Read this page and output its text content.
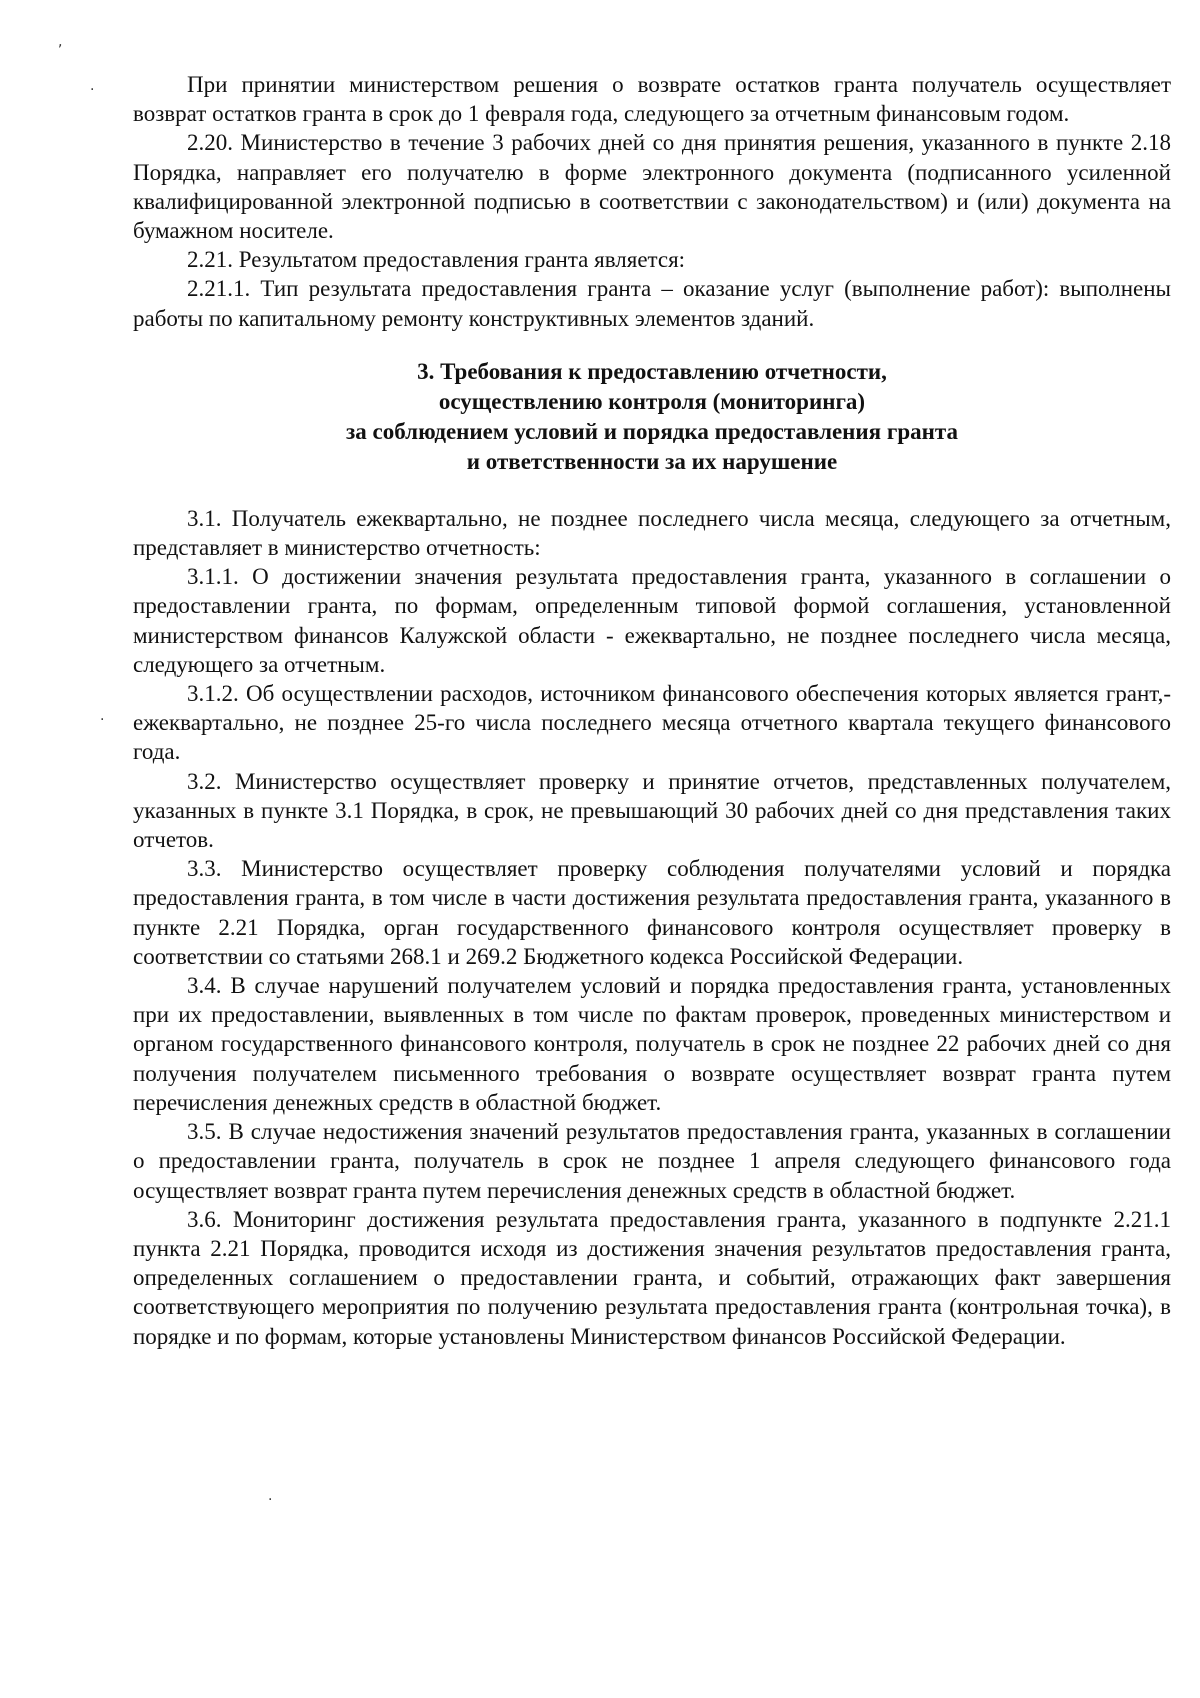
,
·
·
·

При принятии министерством решения о возврате остатков гранта получатель осуществляет возврат остатков гранта в срок до 1 февраля года, следующего за отчетным финансовым годом.

2.20. Министерство в течение 3 рабочих дней со дня принятия решения, указанного в пункте 2.18 Порядка, направляет его получателю в форме электронного документа (подписанного усиленной квалифицированной электронной подписью в соответствии с законодательством) и (или) документа на бумажном носителе.

2.21. Результатом предоставления гранта является:

2.21.1. Тип результата предоставления гранта – оказание услуг (выполнение работ): выполнены работы по капитальному ремонту конструктивных элементов зданий.

3. Требования к предоставлению отчетности,
осуществлению контроля (мониторинга)
за соблюдением условий и порядка предоставления гранта
и ответственности за их нарушение

3.1. Получатель ежеквартально, не позднее последнего числа месяца, следующего за отчетным, представляет в министерство отчетность:

3.1.1. О достижении значения результата предоставления гранта, указанного в соглашении о предоставлении гранта, по формам, определенным типовой формой соглашения, установленной министерством финансов Калужской области - ежеквартально, не позднее последнего числа месяца, следующего за отчетным.

3.1.2. Об осуществлении расходов, источником финансового обеспечения которых является грант,- ежеквартально, не позднее 25-го числа последнего месяца отчетного квартала текущего финансового года.

3.2. Министерство осуществляет проверку и принятие отчетов, представленных получателем, указанных в пункте 3.1 Порядка, в срок, не превышающий 30 рабочих дней со дня представления таких отчетов.

3.3. Министерство осуществляет проверку соблюдения получателями условий и порядка предоставления гранта, в том числе в части достижения результата предоставления гранта, указанного в пункте 2.21 Порядка, орган государственного финансового контроля осуществляет проверку в соответствии со статьями 268.1 и 269.2 Бюджетного кодекса Российской Федерации.

3.4. В случае нарушений получателем условий и порядка предоставления гранта, установленных при их предоставлении, выявленных в том числе по фактам проверок, проведенных министерством и органом государственного финансового контроля, получатель в срок не позднее 22 рабочих дней со дня получения получателем письменного требования о возврате осуществляет возврат гранта путем перечисления денежных средств в областной бюджет.

3.5. В случае недостижения значений результатов предоставления гранта, указанных в соглашении о предоставлении гранта, получатель в срок не позднее 1 апреля следующего финансового года осуществляет возврат гранта путем перечисления денежных средств в областной бюджет.

3.6. Мониторинг достижения результата предоставления гранта, указанного в подпункте 2.21.1 пункта 2.21 Порядка, проводится исходя из достижения значения результатов предоставления гранта, определенных соглашением о предоставлении гранта, и событий, отражающих факт завершения соответствующего мероприятия по получению результата предоставления гранта (контрольная точка), в порядке и по формам, которые установлены Министерством финансов Российской Федерации.
